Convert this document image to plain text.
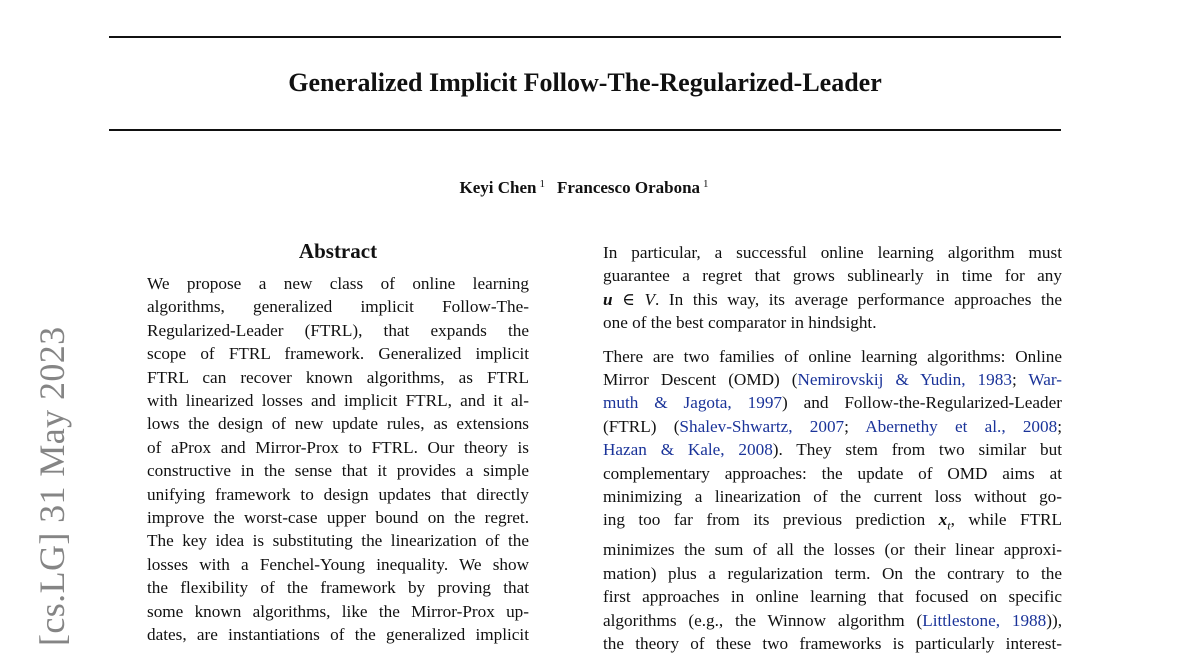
Generalized Implicit Follow-The-Regularized-Leader
Keyi Chen $^1$ Francesco Orabona $^1$
[cs.LG] 31 May 2023
Abstract
We propose a new class of online learning
algorithms, generalized implicit Follow-The-
Regularized-Leader (FTRL), that expands the
scope of FTRL framework. Generalized implicit
FTRL can recover known algorithms, as FTRL
with linearized losses and implicit FTRL, and it al-
lows the design of new update rules, as extensions
of aProx and Mirror-Prox to FTRL. Our theory is
constructive in the sense that it provides a simple
unifying framework to design updates that directly
improve the worst-case upper bound on the regret.
The key idea is substituting the linearization of the
losses with a Fenchel-Young inequality. We show
the flexibility of the framework by proving that
some known algorithms, like the Mirror-Prox up-
dates, are instantiations of the generalized implicit
In particular, a successful online learning algorithm must
guarantee a regret that grows sublinearly in time for any
u ∈ V. In this way, its average performance approaches the
one of the best comparator in hindsight.
There are two families of online learning algorithms: Online
Mirror Descent (OMD) (Nemirovskij & Yudin, 1983; War-
muth & Jagota, 1997) and Follow-the-Regularized-Leader
(FTRL) (Shalev-Shwartz, 2007; Abernethy et al., 2008;
Hazan & Kale, 2008). They stem from two similar but
complementary approaches: the update of OMD aims at
minimizing a linearization of the current loss without go-
ing too far from its previous prediction $x_t$, while FTRL
minimizes the sum of all the losses (or their linear approxi-
mation) plus a regularization term. On the contrary to the
first approaches in online learning that focused on specific
algorithms (e.g., the Winnow algorithm (Littlestone, 1988)),
the theory of these two frameworks is particularly interest-
